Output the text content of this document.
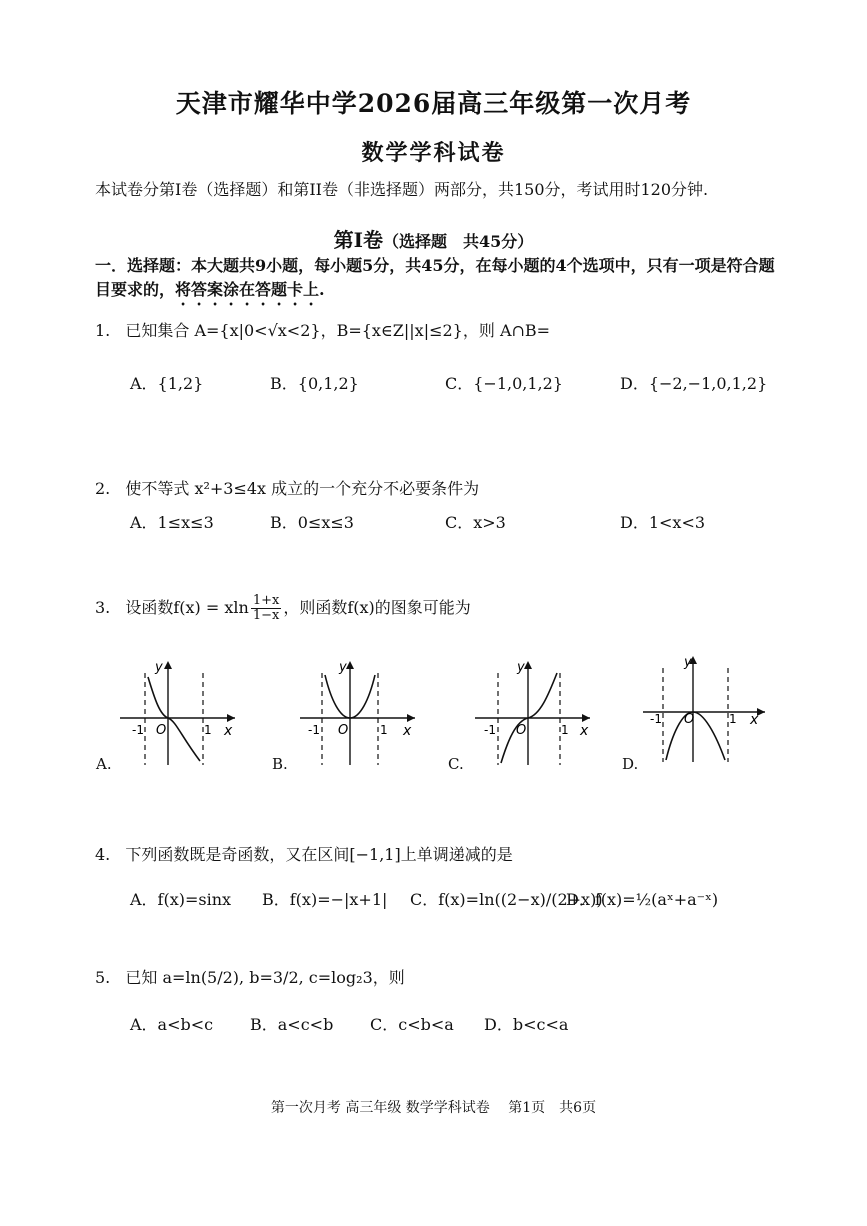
天津市耀华中学2026届高三年级第一次月考
数学学科试卷
本试卷分第I卷（选择题）和第II卷（非选择题）两部分，共150分，考试用时120分钟.
第I卷（选择题　共45分）
一．选择题：本大题共9小题，每小题5分，共45分，在每小题的4个选项中，只有一项是符合题目要求的，将答案涂在答题卡上.
1. 已知集合 A={x|0<√x<2}，B={x∈Z||x|≤2}，则 A∩B=
A．{1,2}	B．{0,1,2}	C．{−1,0,1,2}	D．{−2,−1,0,1,2}
2. 使不等式 x²+3≤4x 成立的一个充分不必要条件为
A．1≤x≤3	B．0≤x≤3	C．x>3	D．1<x<3
3. 设函数f(x) = xln $\frac{1+x}{1-x}$ ，则函数f(x)的图象可能为
-1 O	1 x
y
A.
-1 O	1 x
y
B.
-1 O	1 x
y
C.
-1 O	1 x
y
D.
4. 下列函数既是奇函数，又在区间[−1,1]上单调递减的是
A．f(x)=sinx B．f(x)=−|x+1| C．f(x)=ln((2−x)/(2+x))
D．f(x)=½(aˣ+a⁻ˣ)
5. 已知 a=ln(5/2), b=3/2, c=log₂3，则
A．a<b<c B．a<c<b C．c<b<a D．b<c<a
第一次月考 高三年级 数学学科试卷　 第1页　共6页
